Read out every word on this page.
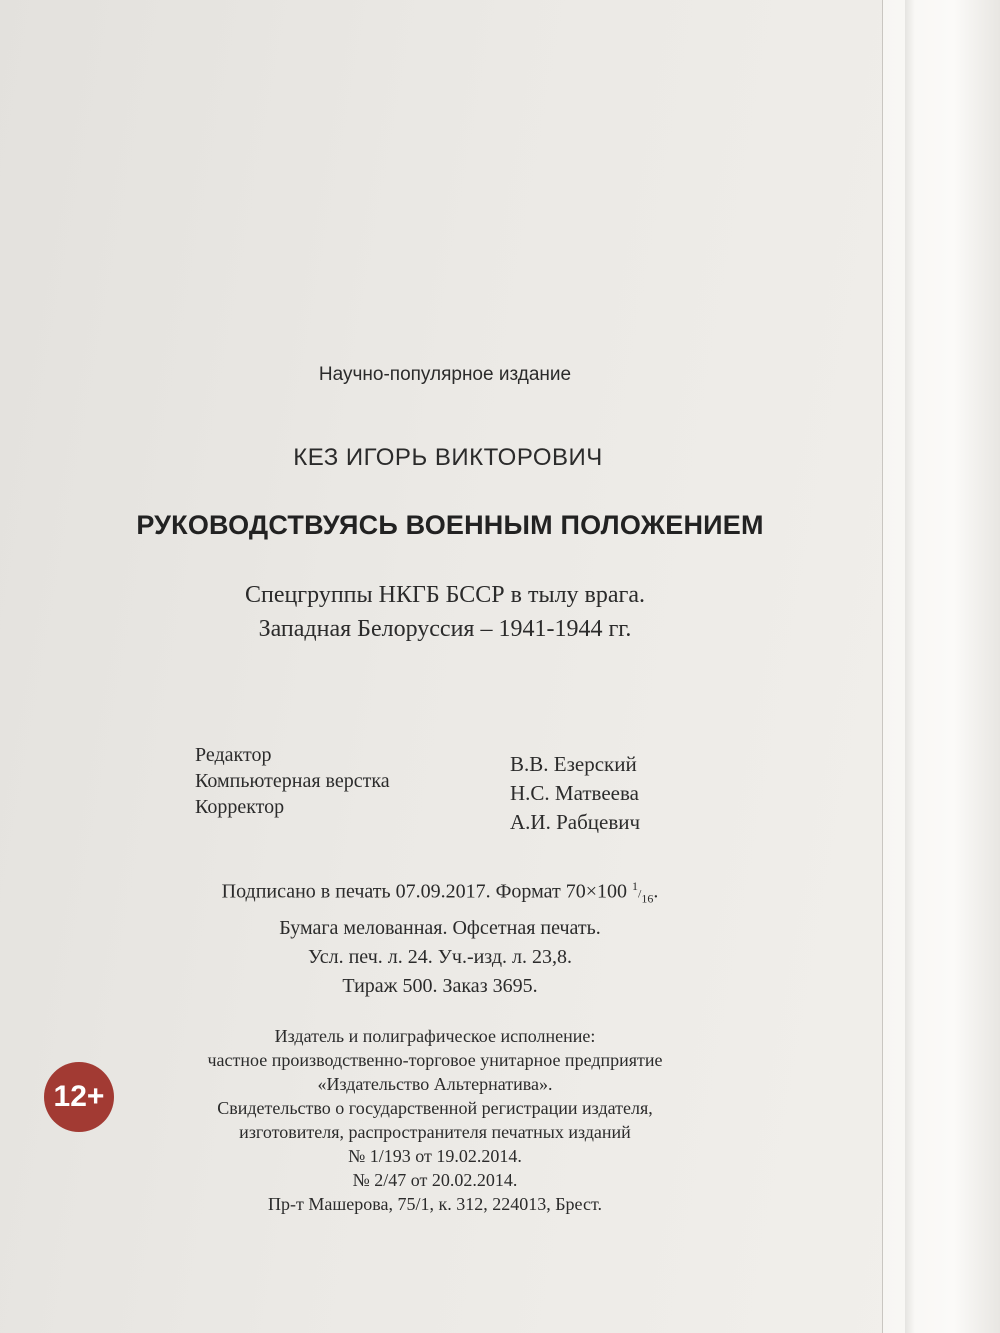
Научно-популярное издание
КЕЗ ИГОРЬ ВИКТОРОВИЧ
РУКОВОДСТВУЯСЬ ВОЕННЫМ ПОЛОЖЕНИЕМ
Спецгруппы НКГБ БССР в тылу врага.
Западная Белоруссия – 1941-1944 гг.
Редактор
Компьютерная верстка
Корректор
В.В. Езерский
Н.С. Матвеева
А.И. Рабцевич
Подписано в печать 07.09.2017. Формат 70×100 $^1/_{16}$.
Бумага мелованная. Офсетная печать.
Усл. печ. л. 24. Уч.-изд. л. 23,8.
Тираж 500. Заказ 3695.
Издатель и полиграфическое исполнение:
частное производственно-торговое унитарное предприятие
«Издательство Альтернатива».
Свидетельство о государственной регистрации издателя,
изготовителя, распространителя печатных изданий
№ 1/193 от 19.02.2014.
№ 2/47 от 20.02.2014.
Пр-т Машерова, 75/1, к. 312, 224013, Брест.
12+
